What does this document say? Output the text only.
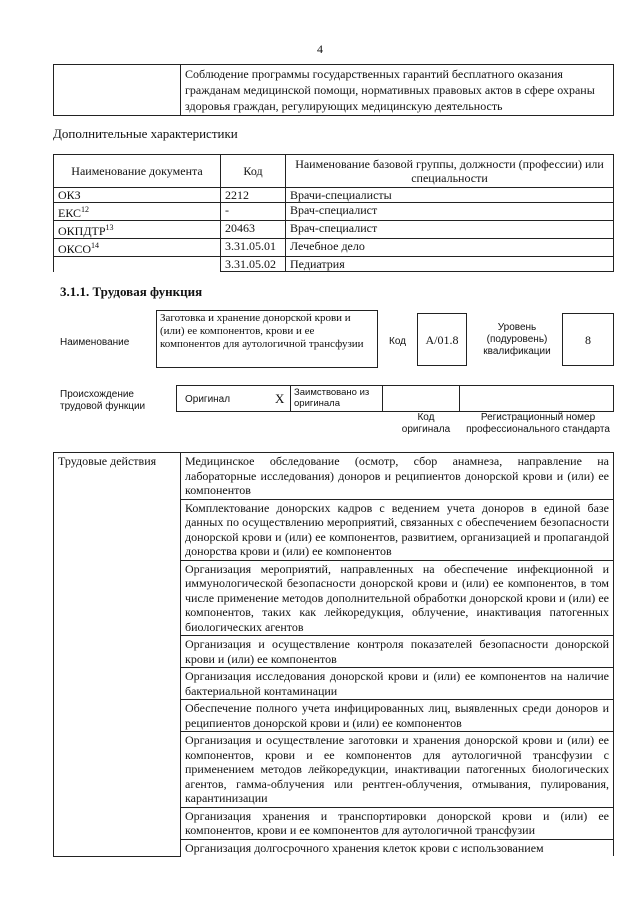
4
	Соблюдение программы государственных гарантий бесплатного оказания гражданам медицинской помощи, нормативных правовых актов в сфере охраны здоровья граждан, регулирующих медицинскую деятельность
Дополнительные характеристики
Наименование документа	Код	Наименование базовой группы, должности (профессии) или специальности
ОКЗ	2212	Врачи-специалисты
ЕКС$^{12}$	-	Врач-специалист
ОКПДТР$^{13}$	20463	Врач-специалист
ОКСО$^{14}$	3.31.05.01	Лечебное дело
	3.31.05.02	Педиатрия
3.1.1. Трудовая функция
Наименование
Заготовка и хранение донорской крови и (или) ее компонентов, крови и ее компонентов для аутологичной трансфузии	Код	A/01.8
Уровень (подуровень) квалификации
8
Происхождение трудовой функции
Оригинал	X Заимствовано из оригинала
Код оригинала
Регистрационный номер профессионального стандарта
Трудовые действия	Медицинское обследование (осмотр, сбор анамнеза, направление на лабораторные исследования) доноров и реципиентов донорской крови и (или) ее компонентов
Комплектование донорских кадров с ведением учета доноров в единой базе данных по осуществлению мероприятий, связанных с обеспечением безопасности донорской крови и (или) ее компонентов, развитием, организацией и пропагандой донорства крови и (или) ее компонентов
Организация мероприятий, направленных на обеспечение инфекционной и иммунологической безопасности донорской крови и (или) ее компонентов, в том числе применение методов дополнительной обработки донорской крови и (или) ее компонентов, таких как лейкоредукция, облучение, инактивация патогенных биологических агентов
Организация и осуществление контроля показателей безопасности донорской крови и (или) ее компонентов
Организация исследования донорской крови и (или) ее компонентов на наличие бактериальной контаминации
Обеспечение полного учета инфицированных лиц, выявленных среди доноров и реципиентов донорской крови и (или) ее компонентов
Организация и осуществление заготовки и хранения донорской крови и (или) ее компонентов, крови и ее компонентов для аутологичной трансфузии с применением методов лейкоредукции, инактивации патогенных биологических агентов, гамма-облучения или рентген-облучения, отмывания, пулирования, карантинизации
Организация хранения и транспортировки донорской крови и (или) ее компонентов, крови и ее компонентов для аутологичной трансфузии
Организация долгосрочного хранения клеток крови с использованием
